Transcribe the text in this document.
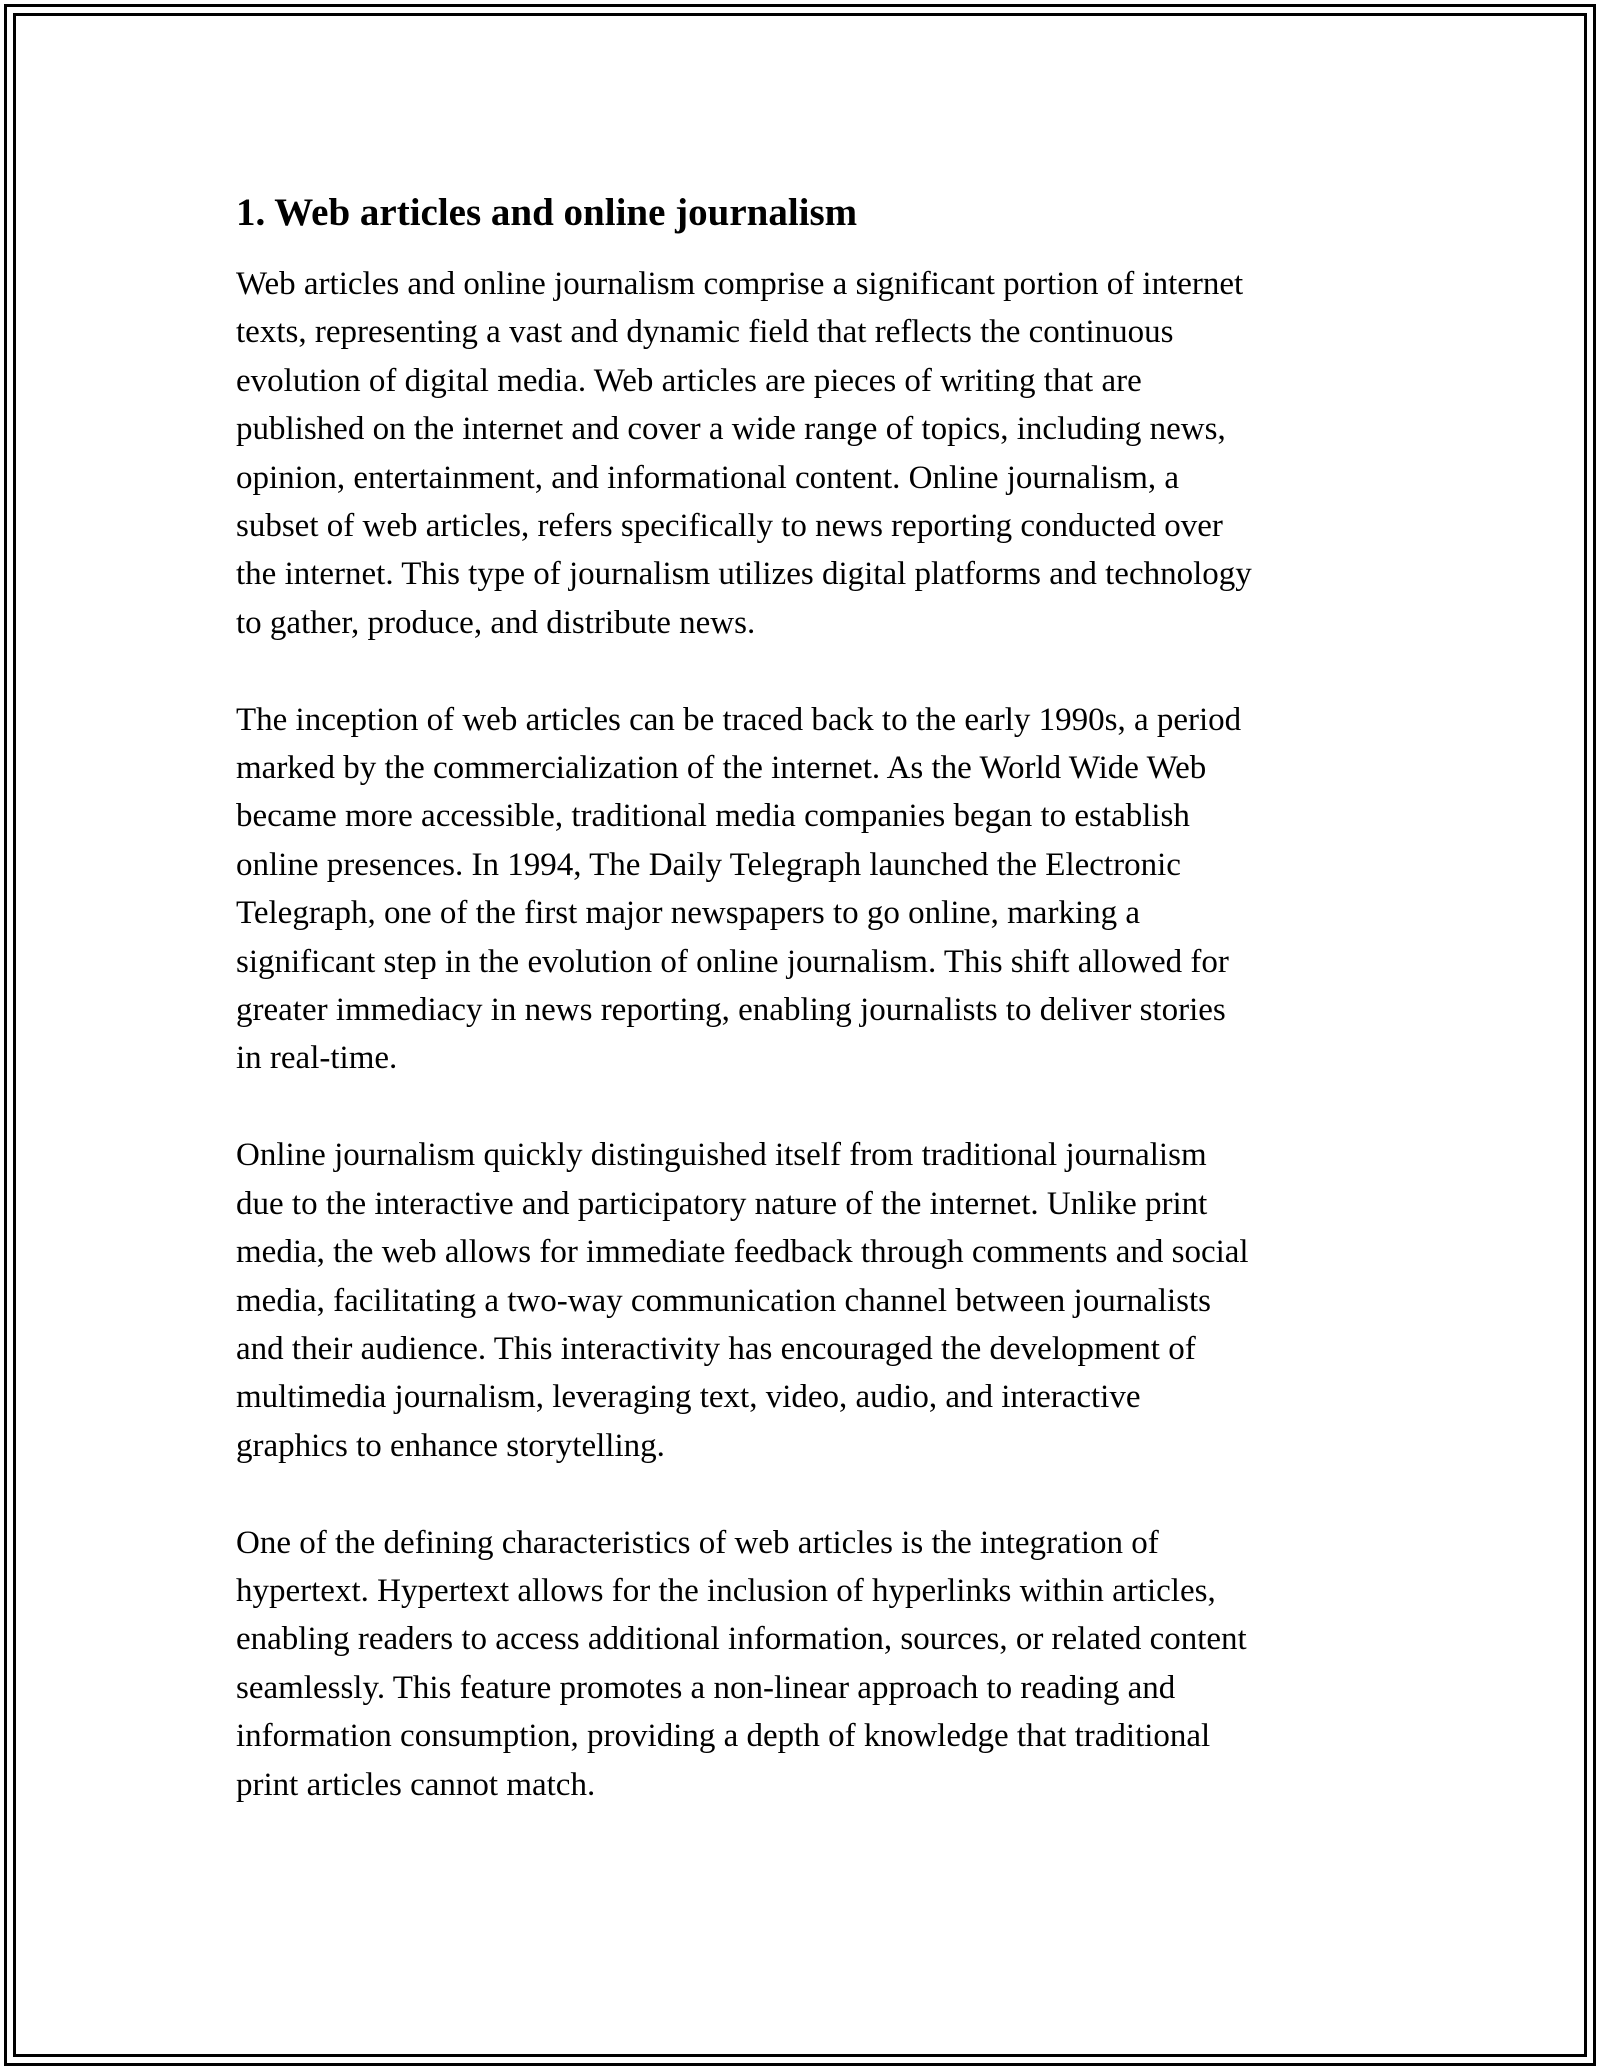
1. Web articles and online journalism

Web articles and online journalism comprise a significant portion of internet
texts, representing a vast and dynamic field that reflects the continuous
evolution of digital media. Web articles are pieces of writing that are
published on the internet and cover a wide range of topics, including news,
opinion, entertainment, and informational content. Online journalism, a
subset of web articles, refers specifically to news reporting conducted over
the internet. This type of journalism utilizes digital platforms and technology
to gather, produce, and distribute news.

The inception of web articles can be traced back to the early 1990s, a period
marked by the commercialization of the internet. As the World Wide Web
became more accessible, traditional media companies began to establish
online presences. In 1994, The Daily Telegraph launched the Electronic
Telegraph, one of the first major newspapers to go online, marking a
significant step in the evolution of online journalism. This shift allowed for
greater immediacy in news reporting, enabling journalists to deliver stories
in real-time.

Online journalism quickly distinguished itself from traditional journalism
due to the interactive and participatory nature of the internet. Unlike print
media, the web allows for immediate feedback through comments and social
media, facilitating a two-way communication channel between journalists
and their audience. This interactivity has encouraged the development of
multimedia journalism, leveraging text, video, audio, and interactive
graphics to enhance storytelling.

One of the defining characteristics of web articles is the integration of
hypertext. Hypertext allows for the inclusion of hyperlinks within articles,
enabling readers to access additional information, sources, or related content
seamlessly. This feature promotes a non-linear approach to reading and
information consumption, providing a depth of knowledge that traditional
print articles cannot match.
